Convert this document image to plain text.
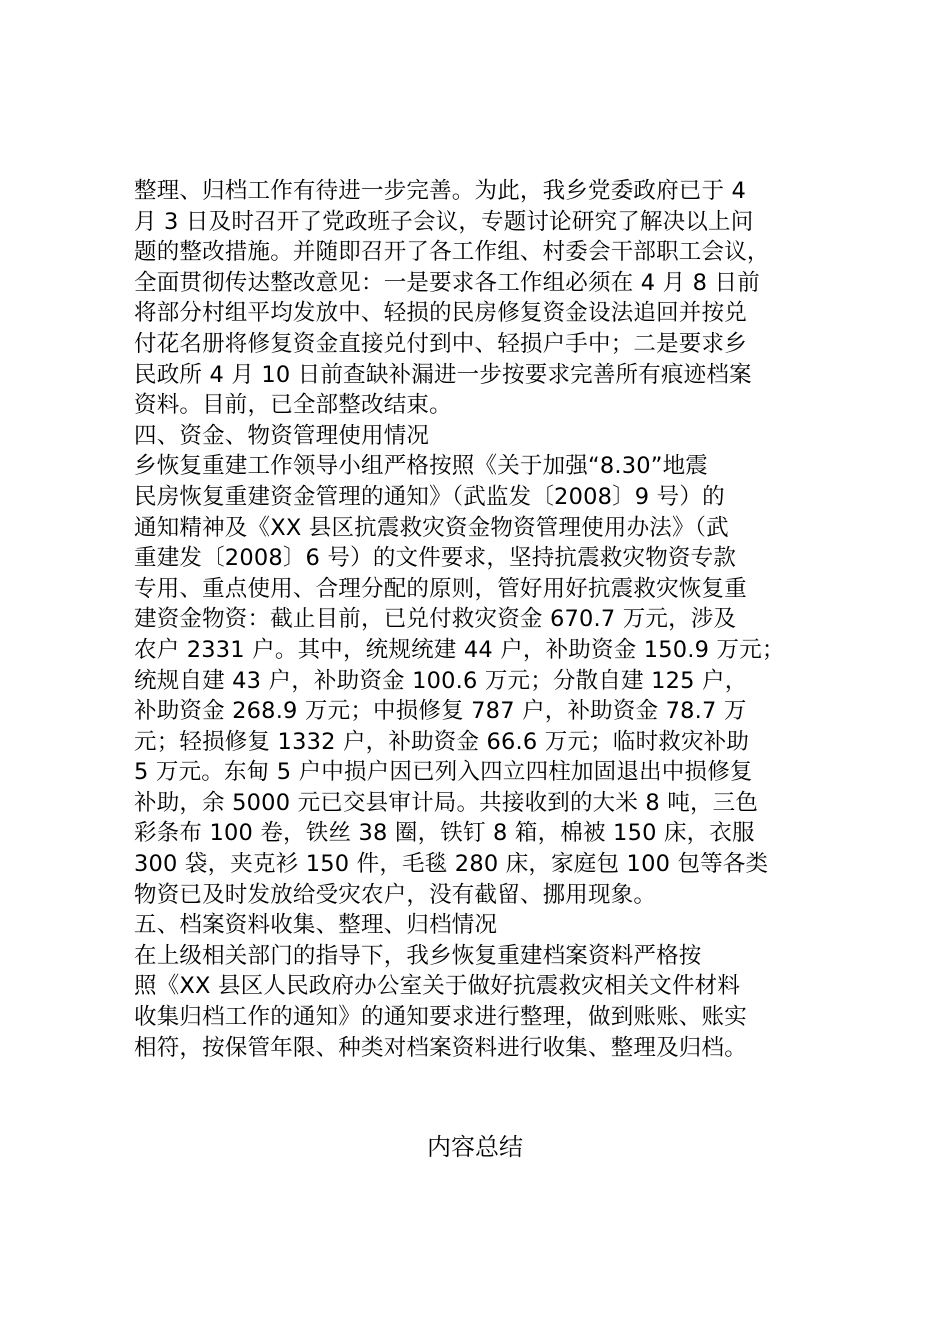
整理、归档工作有待进一步完善。为此，我乡党委政府已于 4
月 3 日及时召开了党政班子会议，专题讨论研究了解决以上问
题的整改措施。并随即召开了各工作组、村委会干部职工会议，
全面贯彻传达整改意见：一是要求各工作组必须在 4 月 8 日前
将部分村组平均发放中、轻损的民房修复资金设法追回并按兑
付花名册将修复资金直接兑付到中、轻损户手中；二是要求乡
民政所 4 月 10 日前查缺补漏进一步按要求完善所有痕迹档案
资料。目前，已全部整改结束。
四、资金、物资管理使用情况
乡恢复重建工作领导小组严格按照《关于加强“8.30”地震
民房恢复重建资金管理的通知》（武监发〔2008〕9 号）的
通知精神及《XX 县区抗震救灾资金物资管理使用办法》（武
重建发〔2008〕6 号）的文件要求，坚持抗震救灾物资专款
专用、重点使用、合理分配的原则，管好用好抗震救灾恢复重
建资金物资：截止目前，已兑付救灾资金 670.7 万元，涉及
农户 2331 户。其中，统规统建 44 户，补助资金 150.9 万元；
统规自建 43 户，补助资金 100.6 万元；分散自建 125 户，
补助资金 268.9 万元；中损修复 787 户，补助资金 78.7 万
元；轻损修复 1332 户，补助资金 66.6 万元；临时救灾补助
5 万元。东甸 5 户中损户因已列入四立四柱加固退出中损修复
补助，余 5000 元已交县审计局。共接收到的大米 8 吨，三色
彩条布 100 卷，铁丝 38 圈，铁钉 8 箱，棉被 150 床，衣服
300 袋，夹克衫 150 件，毛毯 280 床，家庭包 100 包等各类
物资已及时发放给受灾农户，没有截留、挪用现象。
五、档案资料收集、整理、归档情况
在上级相关部门的指导下，我乡恢复重建档案资料严格按
照《XX 县区人民政府办公室关于做好抗震救灾相关文件材料
收集归档工作的通知》的通知要求进行整理，做到账账、账实
相符，按保管年限、种类对档案资料进行收集、整理及归档。
内容总结
